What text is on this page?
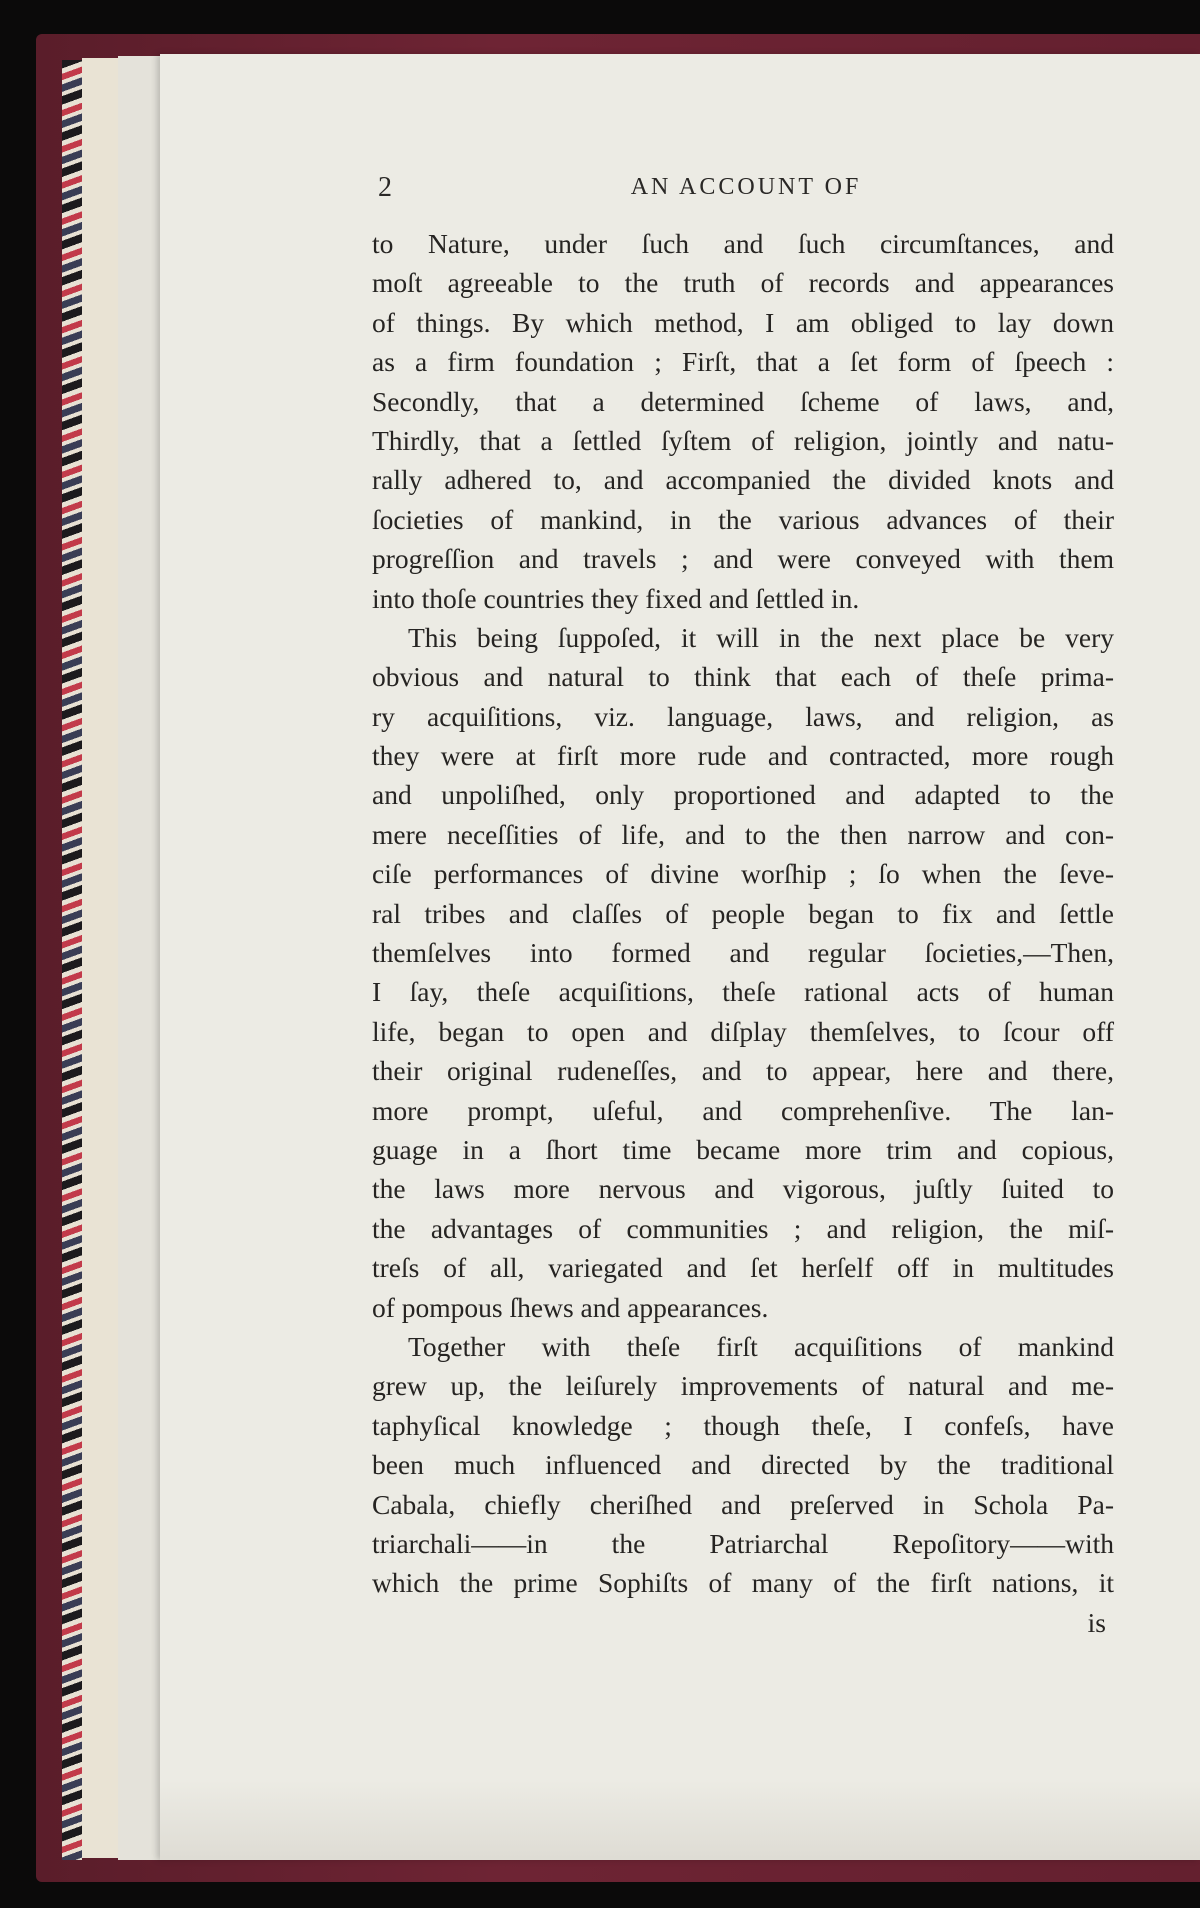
2	AN ACCOUNT OF
to Nature, under ſuch and ſuch circumſtances, and
moſt agreeable to the truth of records and appearances
of things. By which method, I am obliged to lay down
as a firm foundation ; Firſt, that a ſet form of ſpeech :
Secondly, that a determined ſcheme of laws, and,
Thirdly, that a ſettled ſyſtem of religion, jointly and natu-
rally adhered to, and accompanied the divided knots and
ſocieties of mankind, in the various advances of their
progreſſion and travels ; and were conveyed with them
into thoſe countries they fixed and ſettled in.
This being ſuppoſed, it will in the next place be very
obvious and natural to think that each of theſe prima-
ry acquiſitions, viz. language, laws, and religion, as
they were at firſt more rude and contracted, more rough
and unpoliſhed, only proportioned and adapted to the
mere neceſſities of life, and to the then narrow and con-
ciſe performances of divine worſhip ; ſo when the ſeve-
ral tribes and claſſes of people began to fix and ſettle
themſelves into formed and regular ſocieties,—Then,
I ſay, theſe acquiſitions, theſe rational acts of human
life, began to open and diſplay themſelves, to ſcour off
their original rudeneſſes, and to appear, here and there,
more prompt, uſeful, and comprehenſive. The lan-
guage in a ſhort time became more trim and copious,
the laws more nervous and vigorous, juſtly ſuited to
the advantages of communities ; and religion, the miſ-
treſs of all, variegated and ſet herſelf off in multitudes
of pompous ſhews and appearances.
Together with theſe firſt acquiſitions of mankind
grew up, the leiſurely improvements of natural and me-
taphyſical knowledge ; though theſe, I confeſs, have
been much influenced and directed by the traditional
Cabala, chiefly cheriſhed and preſerved in Schola Pa-
triarchali——in the Patriarchal Repoſitory——with
which the prime Sophiſts of many of the firſt nations, it
is
